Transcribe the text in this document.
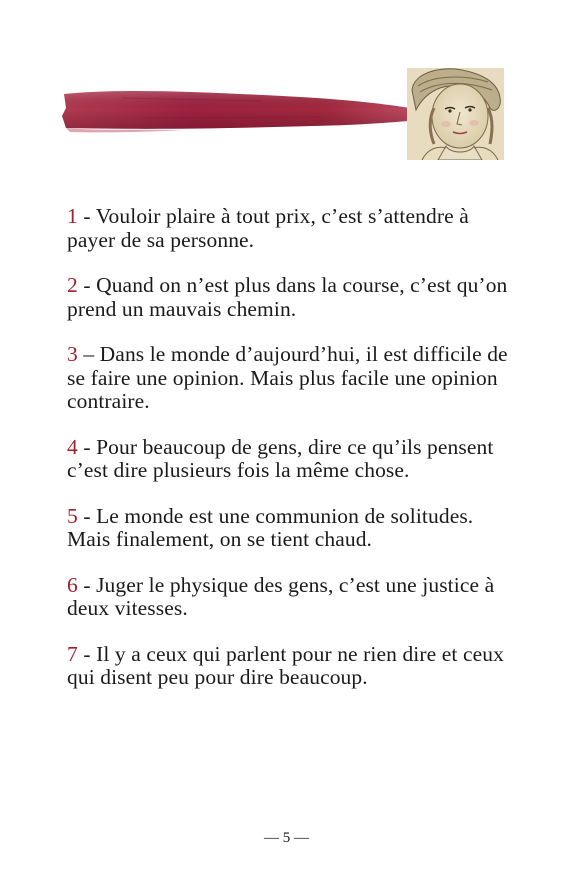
1 - Vouloir plaire à tout prix, c’est s’attendre à payer de sa personne.

2 - Quand on n’est plus dans la course, c’est qu’on prend un mauvais chemin.

3 – Dans le monde d’aujourd’hui, il est difficile de se faire une opinion. Mais plus facile une opinion contraire.

4 - Pour beaucoup de gens, dire ce qu’ils pensent c’est dire plusieurs fois la même chose.

5 - Le monde est une communion de solitudes. Mais finalement, on se tient chaud.

6 - Juger le physique des gens, c’est une justice à deux vitesses.

7 - Il y a ceux qui parlent pour ne rien dire et ceux qui disent peu pour dire beaucoup.

— 5 —
